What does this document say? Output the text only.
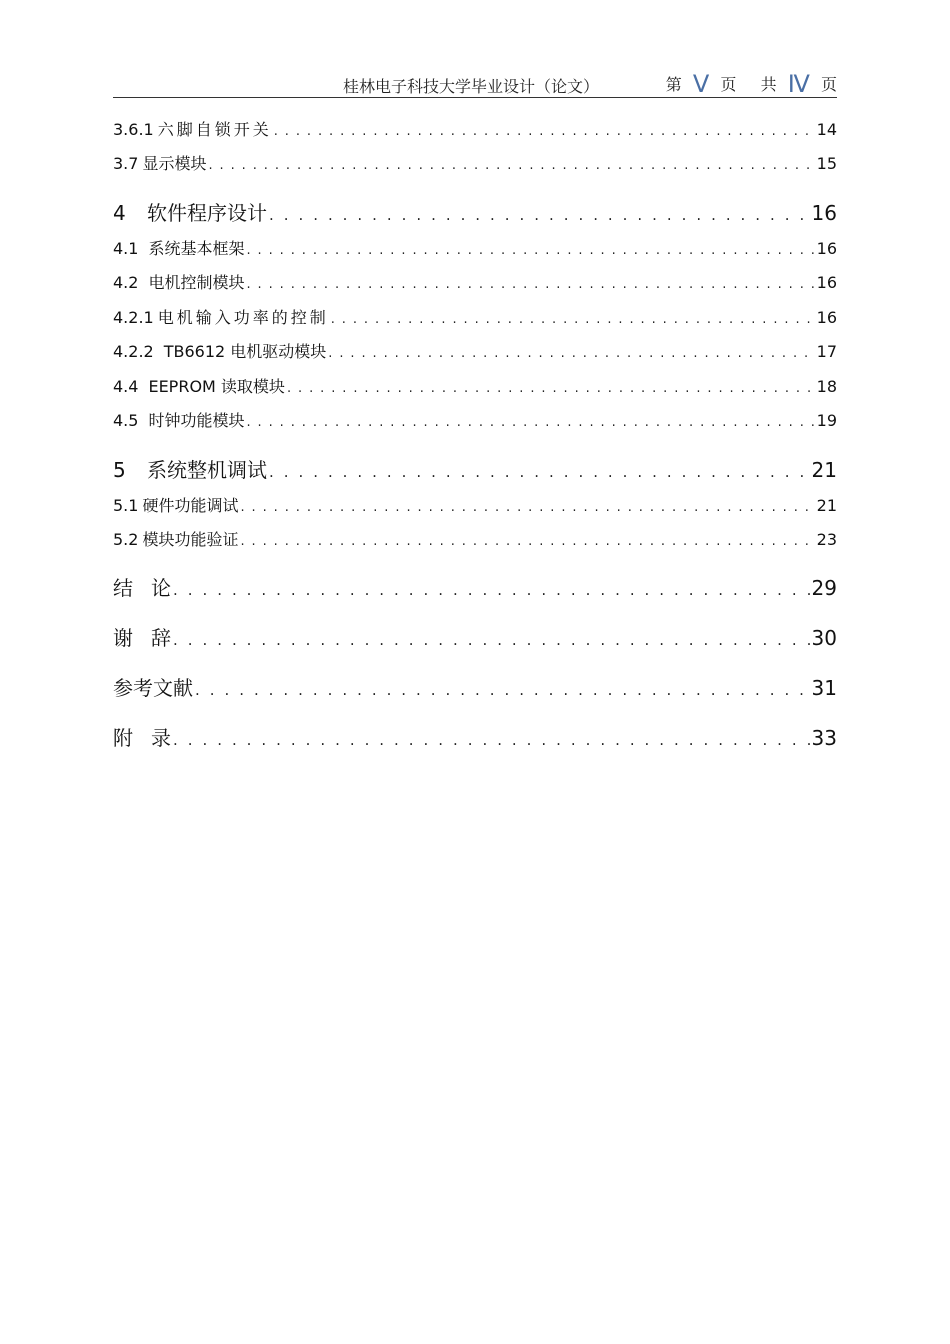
桂林电子科技大学毕业设计（论文）	第 Ⅴ 页 共 Ⅳ 页
3.6.1 六脚自锁开关 . . .	14
3.7 显示模块 . . .	15
4	软件程序设计 . . .	16
4.1 系统基本框架 . . .	16
4.2 电机控制模块 . . .	16
4.2.1 电机输入功率的控制 . . .	16
4.2.2 TB6612 电机驱动模块 . . .	17
4.4 EEPROM 读取模块 . . .	18
4.5 时钟功能模块 . . .	19
5	系统整机调试 . . .	21
5.1 硬件功能调试 . . .	21
5.2 模块功能验证 . . .	23
结论 . . .	29
谢辞 . . .	30
参考文献 . . .	31
附录 . . .	33
